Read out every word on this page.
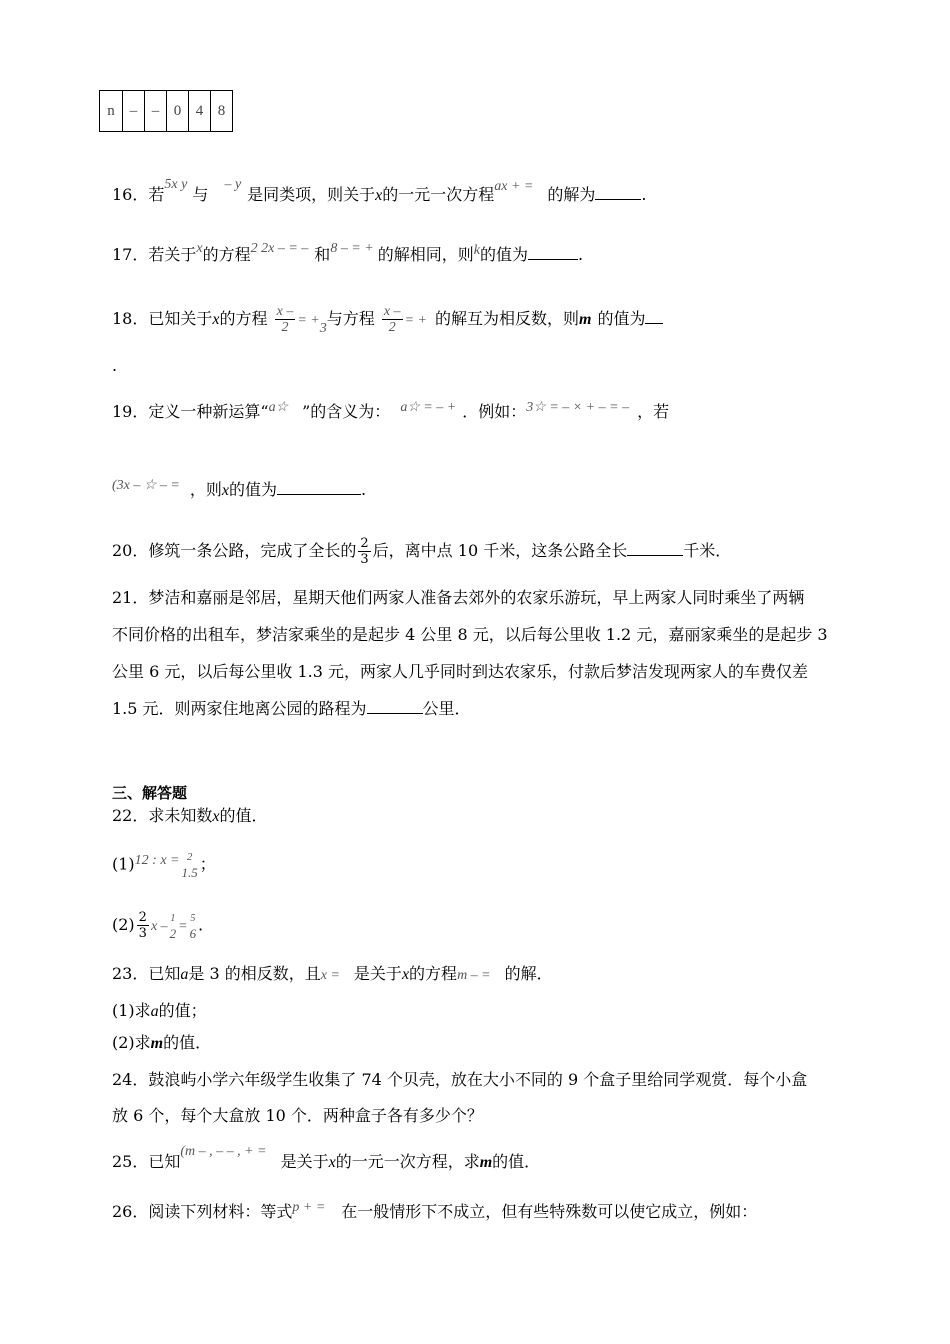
n	–	–	0	4	8
16．若5x y 与– y是同类项，则关于x的一元一次方程ax + = 的解为	.
17．若关于x的方程2 2x – = – 和8 – = + 的解相同，则k的值为	.
18．已知关于x的方程 $\frac{x -}{2} = +3$与方程 $\frac{x -}{2}$ = + 的解互为相反数，则m 的值为
.
19．定义一种新运算“a☆ ”的含义为： a☆ = – + ．例如：3☆ = – × + – = – ，若
(3x – ☆ – = ，则x的值为	.
20．修筑一条公路，完成了全长的 $\frac{2}{3}$ 后，离中点 10 千米，这条公路全长	千米．
21．梦洁和嘉丽是邻居，星期天他们两家人准备去郊外的农家乐游玩，早上两家人同时乘坐了两辆
不同价格的出租车，梦洁家乘坐的是起步 4 公里 8 元，以后每公里收 1.2 元，嘉丽家乘坐的是起步 3
公里 6 元，以后每公里收 1.3 元，两家人几乎同时到达农家乐，付款后梦洁发现两家人的车费仅差
1.5 元．则两家住地离公园的路程为	公里．
三、解答题
22．求未知数x的值．
(1)12 : x = 2
1.5 ；
$(2) \frac{2}{3}$ x –
1
2 =
5
6 ．
23．已知a是 3 的相反数，且x = 是关于x的方程m – = 的解．
(1)求a的值；
(2)求m的值．
24．鼓浪屿小学六年级学生收集了 74 个贝壳，放在大小不同的 9 个盒子里给同学观赏．每个小盒
放 6 个，每个大盒放 10 个．两种盒子各有多少个？
25．已知(m – , – – , + =是关于x的一元一次方程，求m的值．
26．阅读下列材料：等式p + = 在一般情形下不成立，但有些特殊数可以使它成立，例如：
